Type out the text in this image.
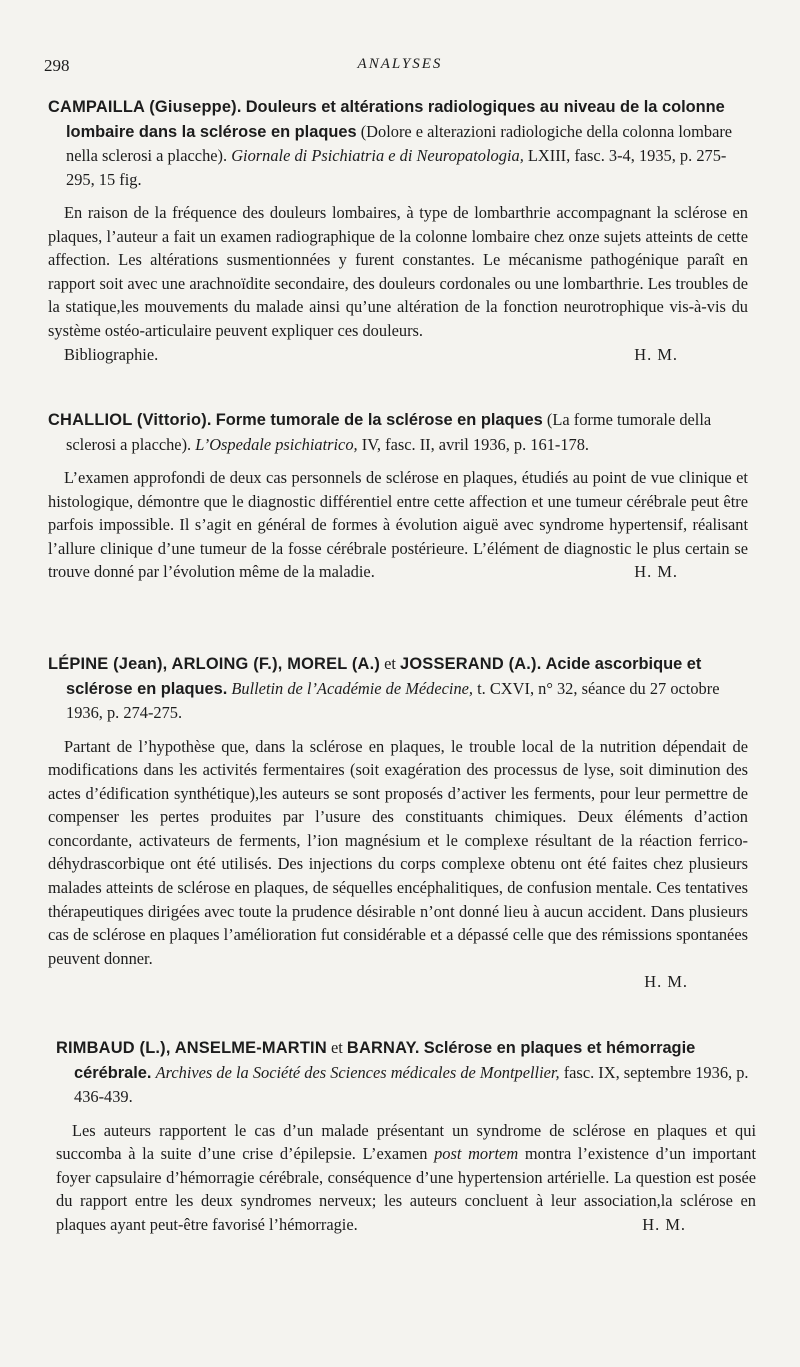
298	ANALYSES

CAMPAILLA (Giuseppe). Douleurs et altérations radiologiques au niveau de la colonne lombaire dans la sclérose en plaques (Dolore e alterazioni radiologiche della colonna lombare nella sclerosi a placche). Giornale di Psichiatria e di Neuropatologia, LXIII, fasc. 3-4, 1935, p. 275-295, 15 fig.

En raison de la fréquence des douleurs lombaires, à type de lombarthrie accompagnant la sclérose en plaques, l’auteur a fait un examen radiographique de la colonne lombaire chez onze sujets atteints de cette affection. Les altérations susmentionnées y furent constantes. Le mécanisme pathogénique paraît en rapport soit avec une arachnoïdite secondaire, des douleurs cordonales ou une lombarthrie. Les troubles de la statique,les mouvements du malade ainsi qu’une altération de la fonction neurotrophique vis-à-vis du système ostéo-articulaire peuvent expliquer ces douleurs.

Bibliographie.	H. M.

CHALLIOL (Vittorio). Forme tumorale de la sclérose en plaques (La forme tumorale della sclerosi a placche). L’Ospedale psichiatrico, IV, fasc. II, avril 1936, p. 161-178.

L’examen approfondi de deux cas personnels de sclérose en plaques, étudiés au point de vue clinique et histologique, démontre que le diagnostic différentiel entre cette affection et une tumeur cérébrale peut être parfois impossible. Il s’agit en général de formes à évolution aiguë avec syndrome hypertensif, réalisant l’allure clinique d’une tumeur de la fosse cérébrale postérieure. L’élément de diagnostic le plus certain se trouve donné par l’évolution même de la maladie.	H. M.

LÉPINE (Jean), ARLOING (F.), MOREL (A.) et JOSSERAND (A.). Acide ascorbique et sclérose en plaques. Bulletin de l’Académie de Médecine, t. CXVI, n° 32, séance du 27 octobre 1936, p. 274-275.

Partant de l’hypothèse que, dans la sclérose en plaques, le trouble local de la nutrition dépendait de modifications dans les activités fermentaires (soit exagération des processus de lyse, soit diminution des actes d’édification synthétique),les auteurs se sont proposés d’activer les ferments, pour leur permettre de compenser les pertes produites par l’usure des constituants chimiques. Deux éléments d’action concordante, activateurs de ferments, l’ion magnésium et le complexe résultant de la réaction ferrico-déhydrascorbique ont été utilisés. Des injections du corps complexe obtenu ont été faites chez plusieurs malades atteints de sclérose en plaques, de séquelles encéphalitiques, de confusion mentale. Ces tentatives thérapeutiques dirigées avec toute la prudence désirable n’ont donné lieu à aucun accident. Dans plusieurs cas de sclérose en plaques l’amélioration fut considérable et a dépassé celle que des rémissions spontanées peuvent donner.

H. M.

RIMBAUD (L.), ANSELME-MARTIN et BARNAY. Sclérose en plaques et hémorragie cérébrale. Archives de la Société des Sciences médicales de Montpellier, fasc. IX, septembre 1936, p. 436-439.

Les auteurs rapportent le cas d’un malade présentant un syndrome de sclérose en plaques et qui succomba à la suite d’une crise d’épilepsie. L’examen post mortem montra l’existence d’un important foyer capsulaire d’hémorragie cérébrale, conséquence d’une hypertension artérielle. La question est posée du rapport entre les deux syndromes nerveux; les auteurs concluent à leur association,la sclérose en plaques ayant peut-être favorisé l’hémorragie.	H. M.
